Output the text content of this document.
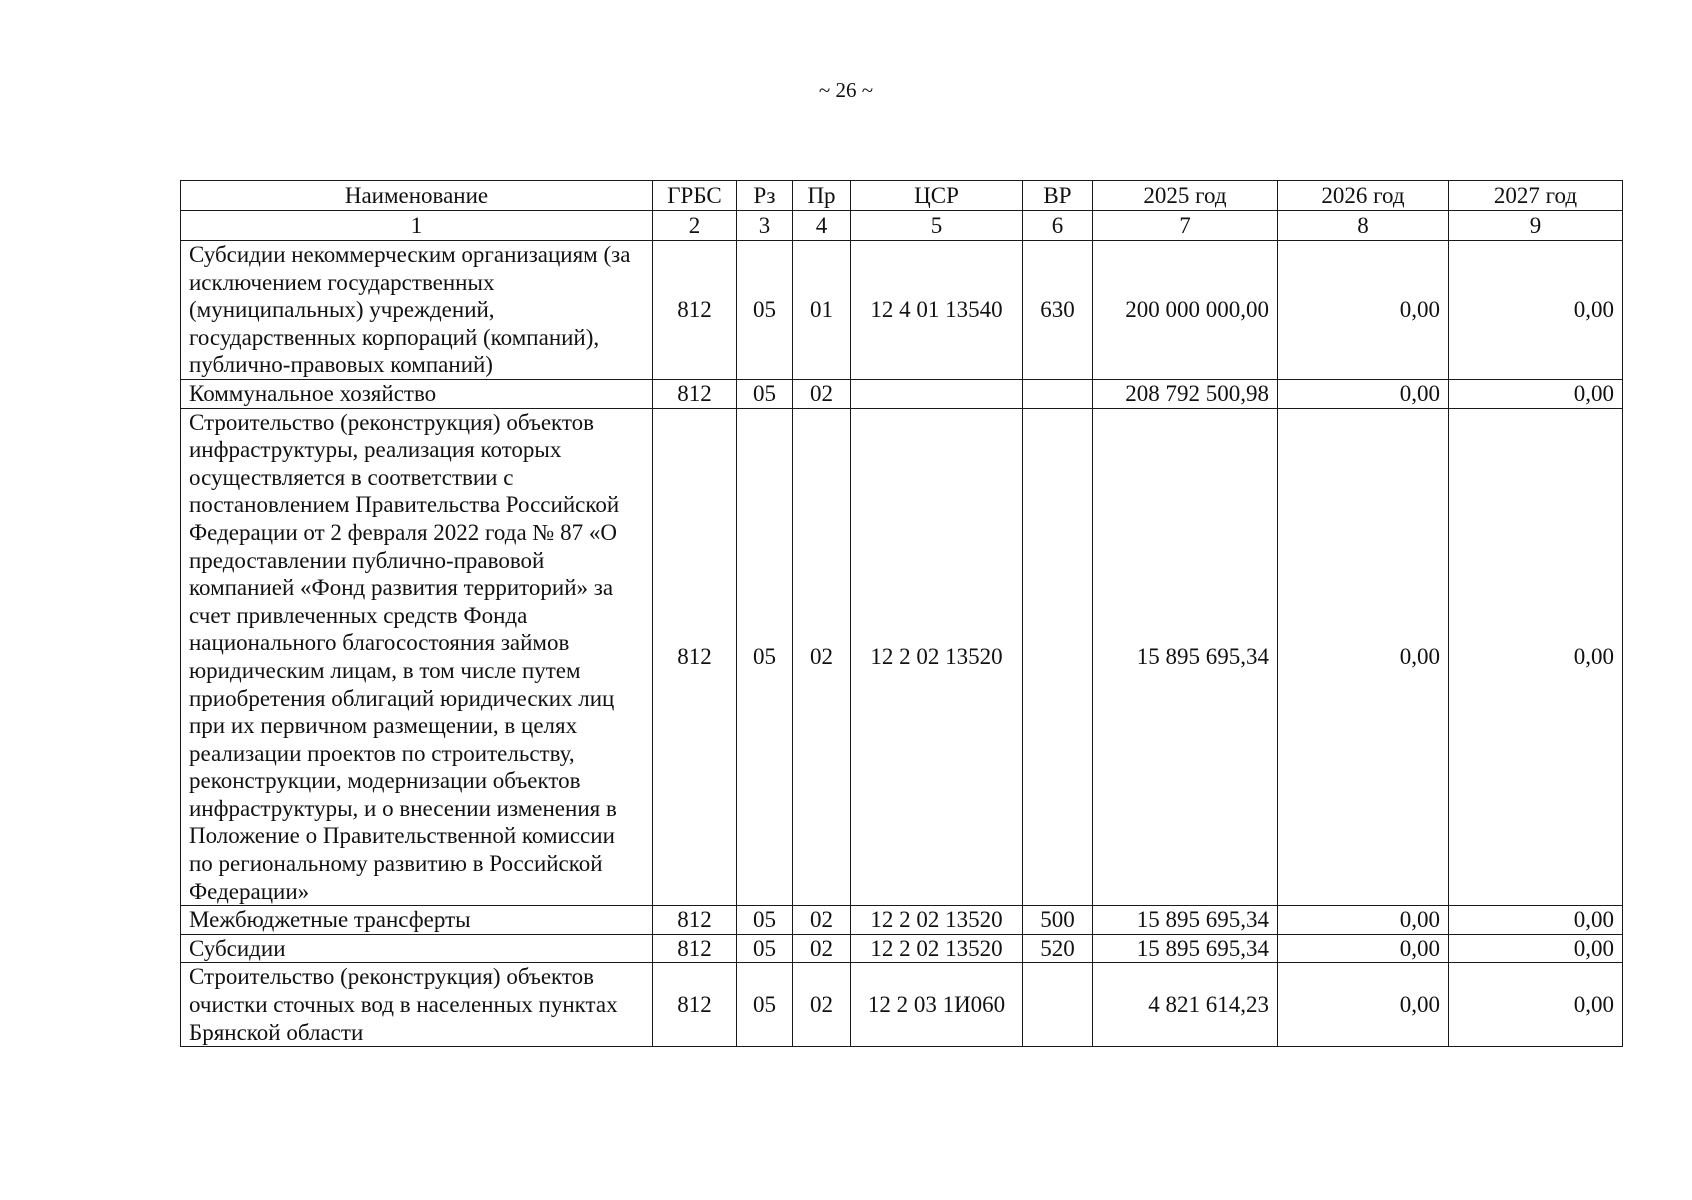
~ 26 ~
Наименование	ГРБС	Рз	Пр	ЦСР	ВР	2025 год	2026 год	2027 год
1	2	3	4	5	6	7	8	9
Субсидии некоммерческим организациям (за исключением государственных (муниципальных) учреждений, государственных корпораций (компаний), публично-правовых компаний)	812	05	01	12 4 01 13540	630	200 000 000,00	0,00	0,00
Коммунальное хозяйство	812	05	02			208 792 500,98	0,00	0,00
Строительство (реконструкция) объектов инфраструктуры, реализация которых осуществляется в соответствии с постановлением Правительства Российской Федерации от 2 февраля 2022 года № 87 «О предоставлении публично-правовой компанией «Фонд развития территорий» за счет привлеченных средств Фонда национального благосостояния займов юридическим лицам, в том числе путем приобретения облигаций юридических лиц при их первичном размещении, в целях реализации проектов по строительству, реконструкции, модернизации объектов инфраструктуры, и о внесении изменения в Положение о Правительственной комиссии по региональному развитию в Российской Федерации»	812	05	02	12 2 02 13520		15 895 695,34	0,00	0,00
Межбюджетные трансферты	812	05	02	12 2 02 13520	500	15 895 695,34	0,00	0,00
Субсидии	812	05	02	12 2 02 13520	520	15 895 695,34	0,00	0,00
Строительство (реконструкция) объектов очистки сточных вод в населенных пунктах Брянской области	812	05	02	12 2 03 1И060		4 821 614,23	0,00	0,00
